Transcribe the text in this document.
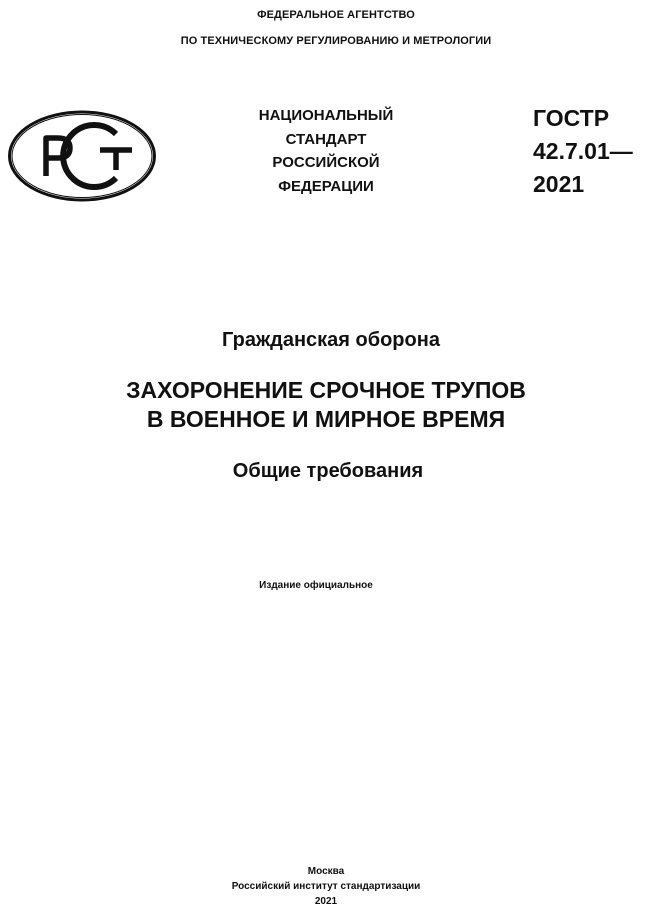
ФЕДЕРАЛЬНОЕ АГЕНТСТВО
ПО ТЕХНИЧЕСКОМУ РЕГУЛИРОВАНИЮ И МЕТРОЛОГИИ
НАЦИОНАЛЬНЫЙ
СТАНДАРТ
РОССИЙСКОЙ
ФЕДЕРАЦИИ
ГОСТР
42.7.01—
2021
Гражданская оборона
ЗАХОРОНЕНИЕ СРОЧНОЕ ТРУПОВ
В ВОЕННОЕ И МИРНОЕ ВРЕМЯ
Общие требования
Издание официальное
Москва
Российский институт стандартизации
2021
